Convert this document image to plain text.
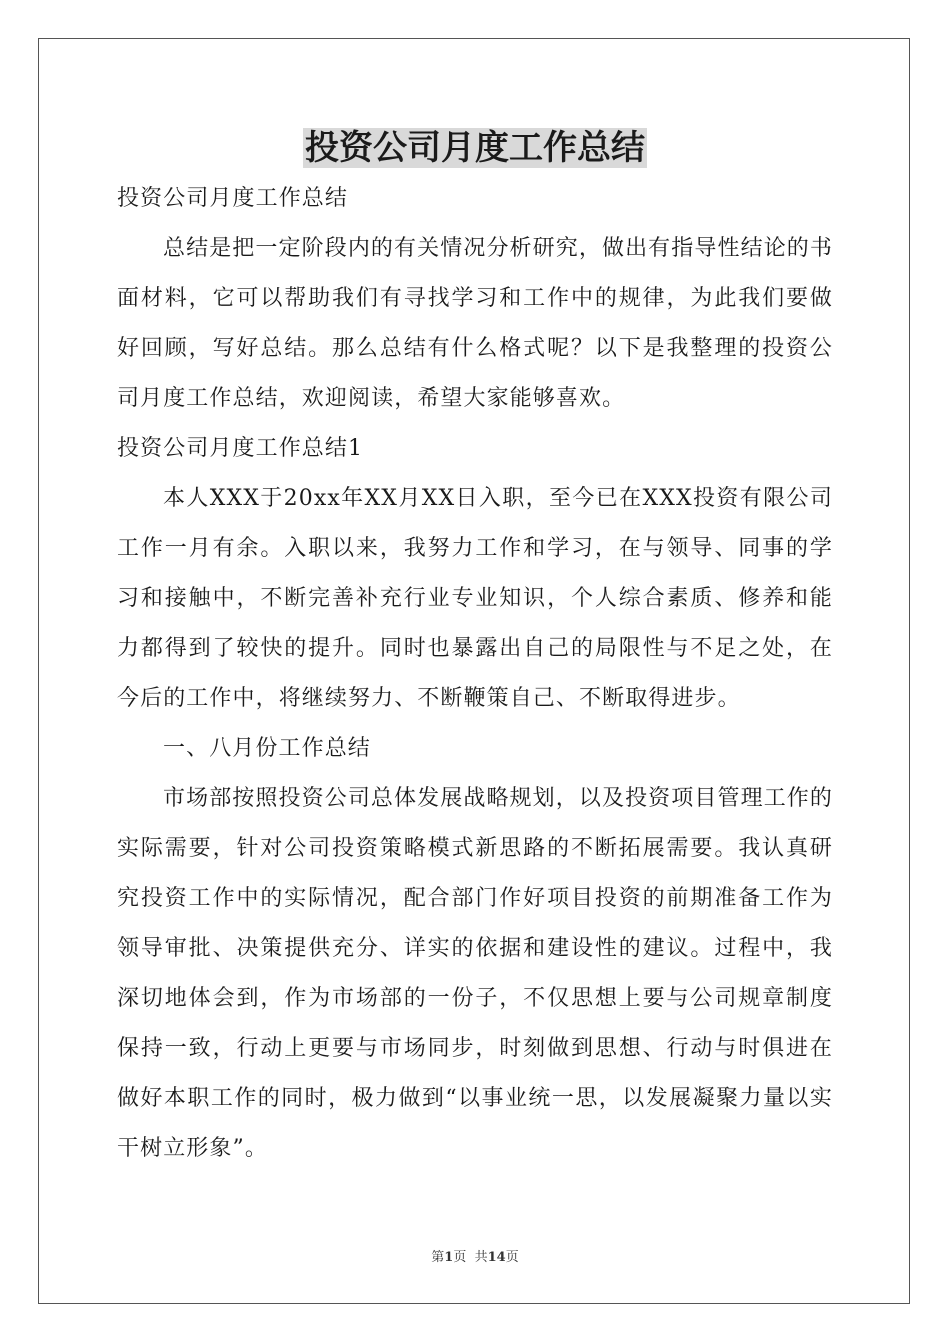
投资公司月度工作总结

投资公司月度工作总结

总结是把一定阶段内的有关情况分析研究，做出有指导性结论的书面材料，它可以帮助我们有寻找学习和工作中的规律，为此我们要做好回顾，写好总结。那么总结有什么格式呢？以下是我整理的投资公司月度工作总结，欢迎阅读，希望大家能够喜欢。

投资公司月度工作总结1

本人XXX于20xx年XX月XX日入职，至今已在XXX投资有限公司工作一月有余。入职以来，我努力工作和学习，在与领导、同事的学习和接触中，不断完善补充行业专业知识，个人综合素质、修养和能力都得到了较快的提升。同时也暴露出自己的局限性与不足之处，在今后的工作中，将继续努力、不断鞭策自己、不断取得进步。

一、八月份工作总结

市场部按照投资公司总体发展战略规划，以及投资项目管理工作的实际需要，针对公司投资策略模式新思路的不断拓展需要。我认真研究投资工作中的实际情况，配合部门作好项目投资的前期准备工作为领导审批、决策提供充分、详实的依据和建设性的建议。过程中，我深切地体会到，作为市场部的一份子，不仅思想上要与公司规章制度保持一致，行动上更要与市场同步，时刻做到思想、行动与时俱进在做好本职工作的同时，极力做到“以事业统一思，以发展凝聚力量以实干树立形象”。

第1页  共14页
